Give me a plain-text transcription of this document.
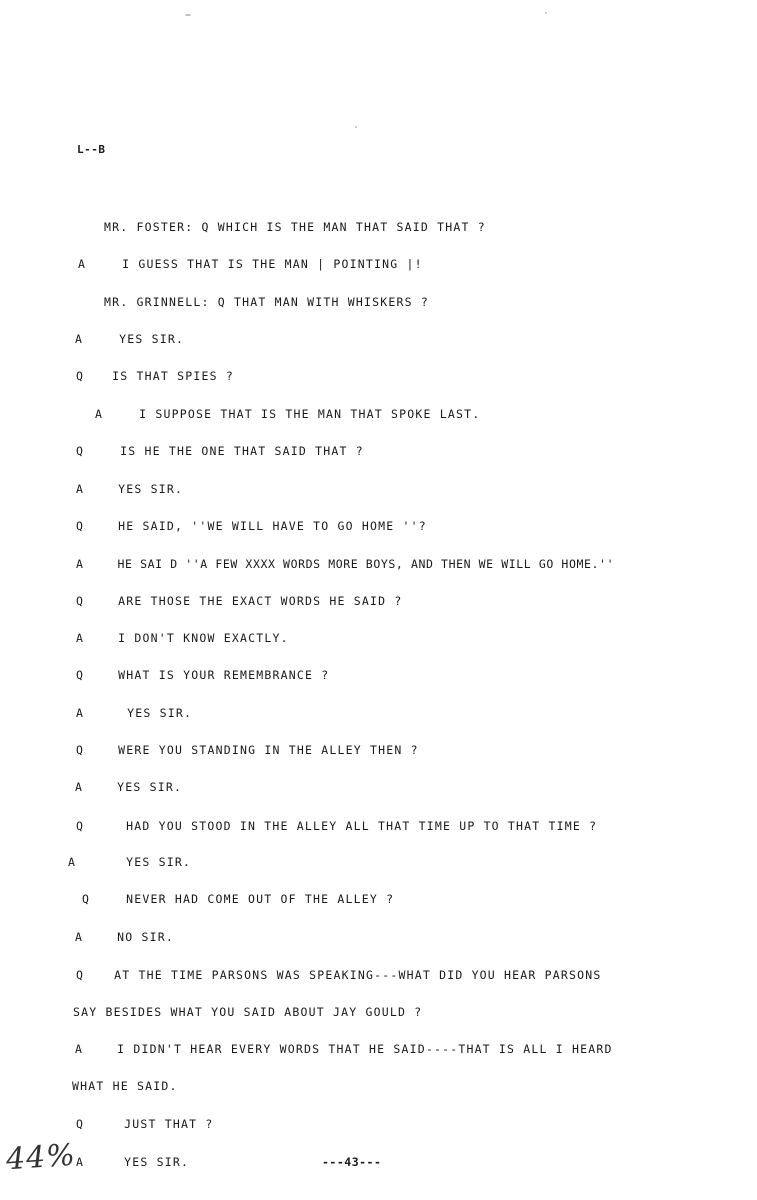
L--B
MR. FOSTER: Q WHICH IS THE MAN THAT SAID THAT ?
A	I GUESS THAT IS THE MAN | POINTING |!
MR. GRINNELL: Q THAT MAN WITH WHISKERS ?
A	YES SIR.
Q IS THAT SPIES ?
A	I SUPPOSE THAT IS THE MAN THAT SPOKE LAST.
Q	IS HE THE ONE THAT SAID THAT ?
A	YES SIR.
Q	HE SAID, ''WE WILL HAVE TO GO HOME ''?
A	HE SAI D ''A FEW XXXX WORDS MORE BOYS, AND THEN WE WILL GO HOME.''
Q	ARE THOSE THE EXACT WORDS HE SAID ?
A	I DON'T KNOW EXACTLY.
Q	WHAT IS YOUR REMEMBRANCE ?
A	YES SIR.
Q	WERE YOU STANDING IN THE ALLEY THEN ?
A	YES SIR.
Q	HAD YOU STOOD IN THE ALLEY ALL THAT TIME UP TO THAT TIME ?
A	YES SIR.
Q	NEVER HAD COME OUT OF THE ALLEY ?
A	NO SIR.
Q	AT THE TIME PARSONS WAS SPEAKING---WHAT DID YOU HEAR PARSONS
SAY BESIDES WHAT YOU SAID ABOUT JAY GOULD ?
A	I DIDN'T HEAR EVERY WORDS THAT HE SAID----THAT IS ALL I HEARD
WHAT HE SAID.
Q	JUST THAT ?
A	YES SIR.	---43---
44%
